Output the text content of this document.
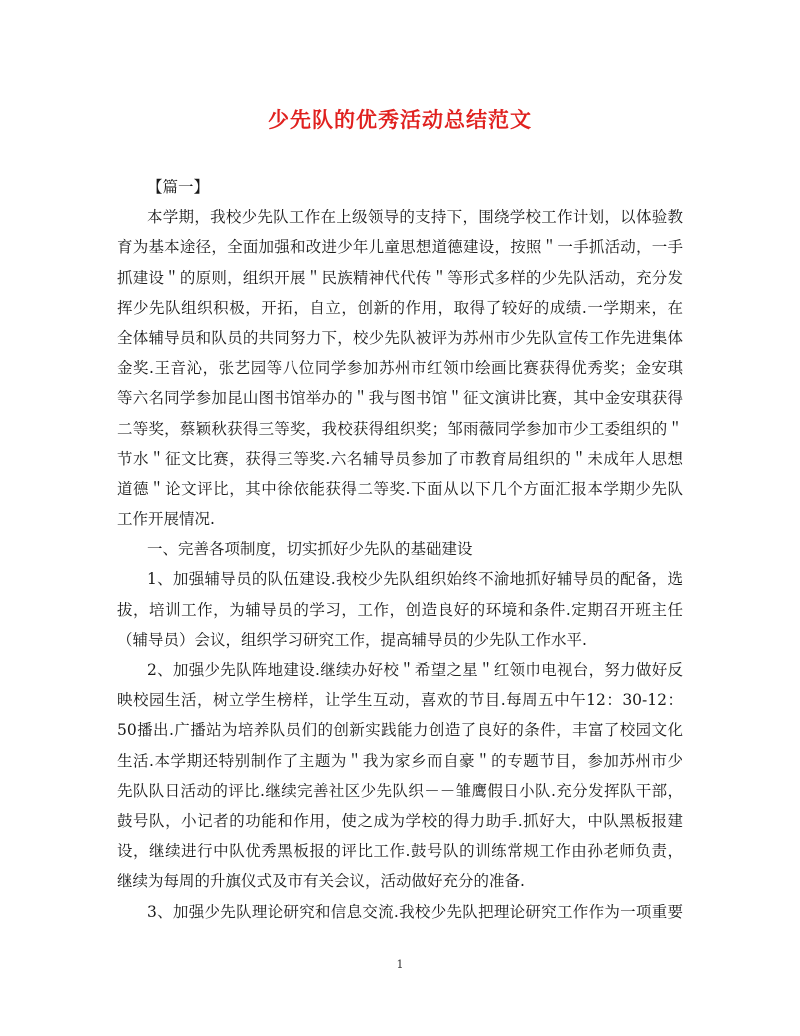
少先队的优秀活动总结范文
【篇一】
本学期，我校少先队工作在上级领导的支持下，围绕学校工作计划，以体验教
育为基本途径，全面加强和改进少年儿童思想道德建设，按照＂一手抓活动，一手
抓建设＂的原则，组织开展＂民族精神代代传＂等形式多样的少先队活动，充分发
挥少先队组织积极，开拓，自立，创新的作用，取得了较好的成绩.一学期来，在
全体辅导员和队员的共同努力下，校少先队被评为苏州市少先队宣传工作先进集体
金奖.王音沁，张艺园等八位同学参加苏州市红领巾绘画比赛获得优秀奖；金安琪
等六名同学参加昆山图书馆举办的＂我与图书馆＂征文演讲比赛，其中金安琪获得
二等奖，蔡颖秋获得三等奖，我校获得组织奖；邹雨薇同学参加市少工委组织的＂
节水＂征文比赛，获得三等奖.六名辅导员参加了市教育局组织的＂未成年人思想
道德＂论文评比，其中徐依能获得二等奖.下面从以下几个方面汇报本学期少先队
工作开展情况.
一、完善各项制度，切实抓好少先队的基础建设
1、加强辅导员的队伍建设.我校少先队组织始终不渝地抓好辅导员的配备，选
拔，培训工作，为辅导员的学习，工作，创造良好的环境和条件.定期召开班主任
（辅导员）会议，组织学习研究工作，提高辅导员的少先队工作水平.
2、加强少先队阵地建设.继续办好校＂希望之星＂红领巾电视台，努力做好反
映校园生活，树立学生榜样，让学生互动，喜欢的节目.每周五中午12：30-12：
50播出.广播站为培养队员们的创新实践能力创造了良好的条件，丰富了校园文化
生活.本学期还特别制作了主题为＂我为家乡而自豪＂的专题节目，参加苏州市少
先队队日活动的评比.继续完善社区少先队织－－雏鹰假日小队.充分发挥队干部，
鼓号队，小记者的功能和作用，使之成为学校的得力助手.抓好大，中队黑板报建
设，继续进行中队优秀黑板报的评比工作.鼓号队的训练常规工作由孙老师负责，
继续为每周的升旗仪式及市有关会议，活动做好充分的准备.
3、加强少先队理论研究和信息交流.我校少先队把理论研究工作作为一项重要
1
